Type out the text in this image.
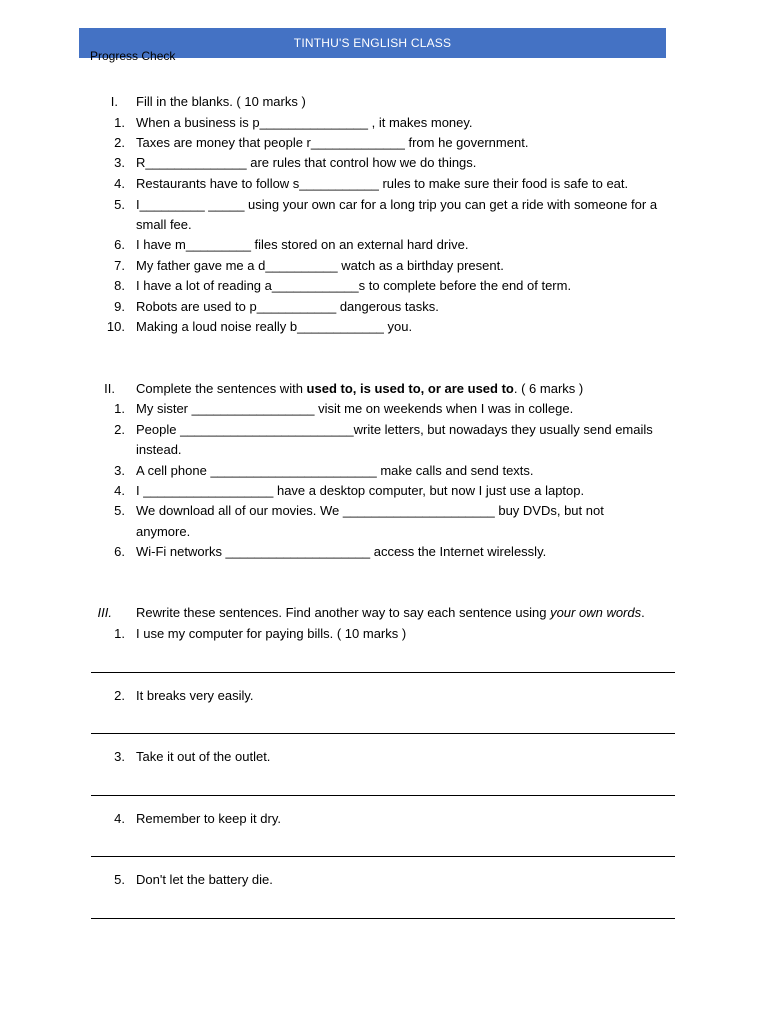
TINTHU'S ENGLISH CLASS
Progress Check
I. Fill in the blanks. ( 10 marks )
1. When a business is p_______________ , it makes money.
2. Taxes are money that people r_____________ from he government.
3. R______________ are rules that control how we do things.
4. Restaurants have to follow s___________ rules to make sure their food is safe to eat.
5. I_________ _____ using your own car for a long trip you can get a ride with someone for a
small fee.
6. I have m_________ files stored on an external hard drive.
7. My father gave me a d__________ watch as a birthday present.
8. I have a lot of reading a____________s to complete before the end of term.
9. Robots are used to p___________ dangerous tasks.
10. Making a loud noise really b____________ you.
II. Complete the sentences with used to, is used to, or are used to. ( 6 marks )
1. My sister _________________ visit me on weekends when I was in college.
2. People ________________________write letters, but nowadays they usually send emails
instead.
3. A cell phone _______________________ make calls and send texts.
4. I __________________ have a desktop computer, but now I just use a laptop.
5. We download all of our movies. We _____________________ buy DVDs, but not
anymore.
6. Wi-Fi networks ____________________ access the Internet wirelessly.
III. Rewrite these sentences. Find another way to say each sentence using your own words.
1. I use my computer for paying bills. ( 10 marks )
2. It breaks very easily.
3. Take it out of the outlet.
4. Remember to keep it dry.
5. Don't let the battery die.
